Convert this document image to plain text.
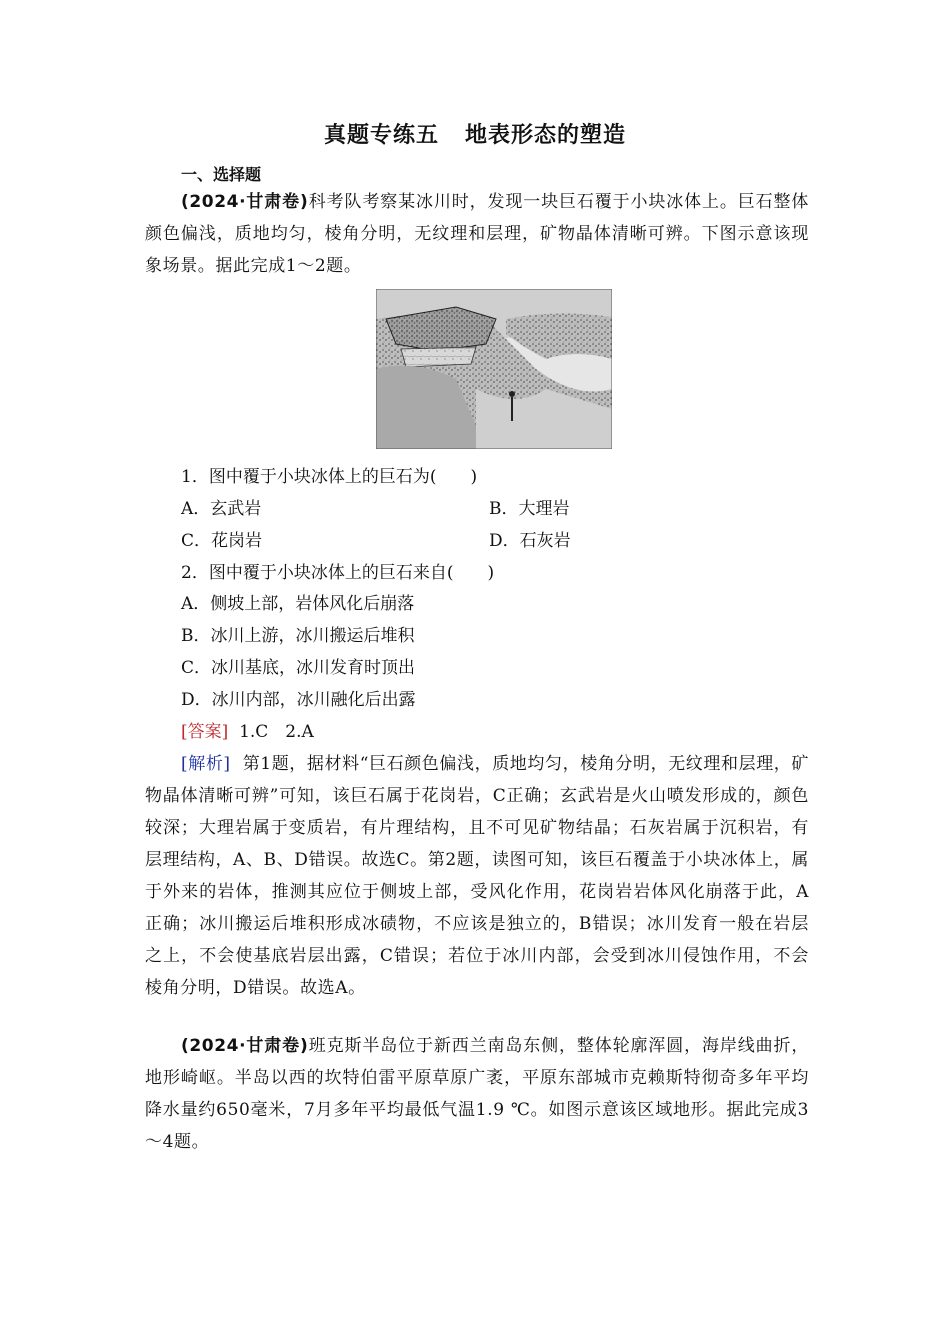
真题专练五 地表形态的塑造
一、选择题
(2024·甘肃卷)科考队考察某冰川时，发现一块巨石覆于小块冰体上。巨石整体颜色偏浅，质地均匀，棱角分明，无纹理和层理，矿物晶体清晰可辨。下图示意该现象场景。据此完成1～2题。
1．图中覆于小块冰体上的巨石为(　　)
A．玄武岩	B．大理岩
C．花岗岩	D．石灰岩
2．图中覆于小块冰体上的巨石来自(　　)
A．侧坡上部，岩体风化后崩落
B．冰川上游，冰川搬运后堆积
C．冰川基底，冰川发育时顶出
D．冰川内部，冰川融化后出露
[答案] 1.C　2.A
[解析] 第1题，据材料“巨石颜色偏浅，质地均匀，棱角分明，无纹理和层理，矿物晶体清晰可辨”可知，该巨石属于花岗岩，C正确；玄武岩是火山喷发形成的，颜色较深；大理岩属于变质岩，有片理结构，且不可见矿物结晶；石灰岩属于沉积岩，有层理结构，A、B、D错误。故选C。第2题，读图可知，该巨石覆盖于小块冰体上，属于外来的岩体，推测其应位于侧坡上部，受风化作用，花岗岩岩体风化崩落于此，A正确；冰川搬运后堆积形成冰碛物，不应该是独立的，B错误；冰川发育一般在岩层之上，不会使基底岩层出露，C错误；若位于冰川内部，会受到冰川侵蚀作用，不会棱角分明，D错误。故选A。
(2024·甘肃卷)班克斯半岛位于新西兰南岛东侧，整体轮廓浑圆，海岸线曲折，地形崎岖。半岛以西的坎特伯雷平原草原广袤，平原东部城市克赖斯特彻奇多年平均降水量约650毫米，7月多年平均最低气温1.9 ℃。如图示意该区域地形。据此完成3～4题。
